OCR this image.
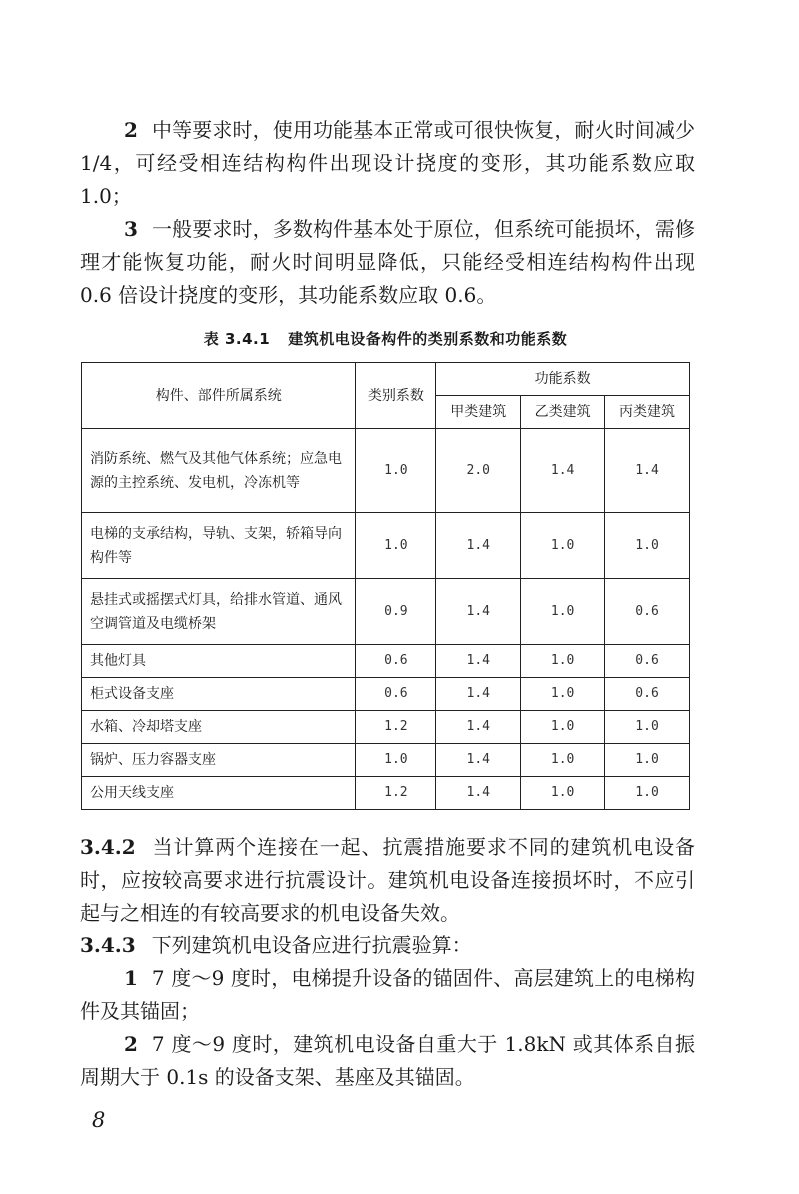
2 中等要求时，使用功能基本正常或可很快恢复，耐火时间减少 1/4，可经受相连结构构件出现设计挠度的变形，其功能系数应取 1.0；

3 一般要求时，多数构件基本处于原位，但系统可能损坏，需修理才能恢复功能，耐火时间明显降低，只能经受相连结构构件出现 0.6 倍设计挠度的变形，其功能系数应取 0.6。

表 3.4.1 建筑机电设备构件的类别系数和功能系数
构件、部件所属系统	类别系数	功能系数		
		甲类建筑	乙类建筑	丙类建筑
消防系统、燃气及其他气体系统；应急电源的主控系统、发电机，冷冻机等	1.0	2.0	1.4	1.4
电梯的支承结构，导轨、支架，轿箱导向构件等	1.0	1.4	1.0	1.0
悬挂式或摇摆式灯具，给排水管道、通风空调管道及电缆桥架	0.9	1.4	1.0	0.6
其他灯具	0.6	1.4	1.0	0.6
柜式设备支座	0.6	1.4	1.0	0.6
水箱、冷却塔支座	1.2	1.4	1.0	1.0
锅炉、压力容器支座	1.0	1.4	1.0	1.0
公用天线支座	1.2	1.4	1.0	1.0

3.4.2 当计算两个连接在一起、抗震措施要求不同的建筑机电设备时，应按较高要求进行抗震设计。建筑机电设备连接损坏时，不应引起与之相连的有较高要求的机电设备失效。

3.4.3 下列建筑机电设备应进行抗震验算：

1 7 度～9 度时，电梯提升设备的锚固件、高层建筑上的电梯构件及其锚固；

2 7 度～9 度时，建筑机电设备自重大于 1.8kN 或其体系自振周期大于 0.1s 的设备支架、基座及其锚固。

8
